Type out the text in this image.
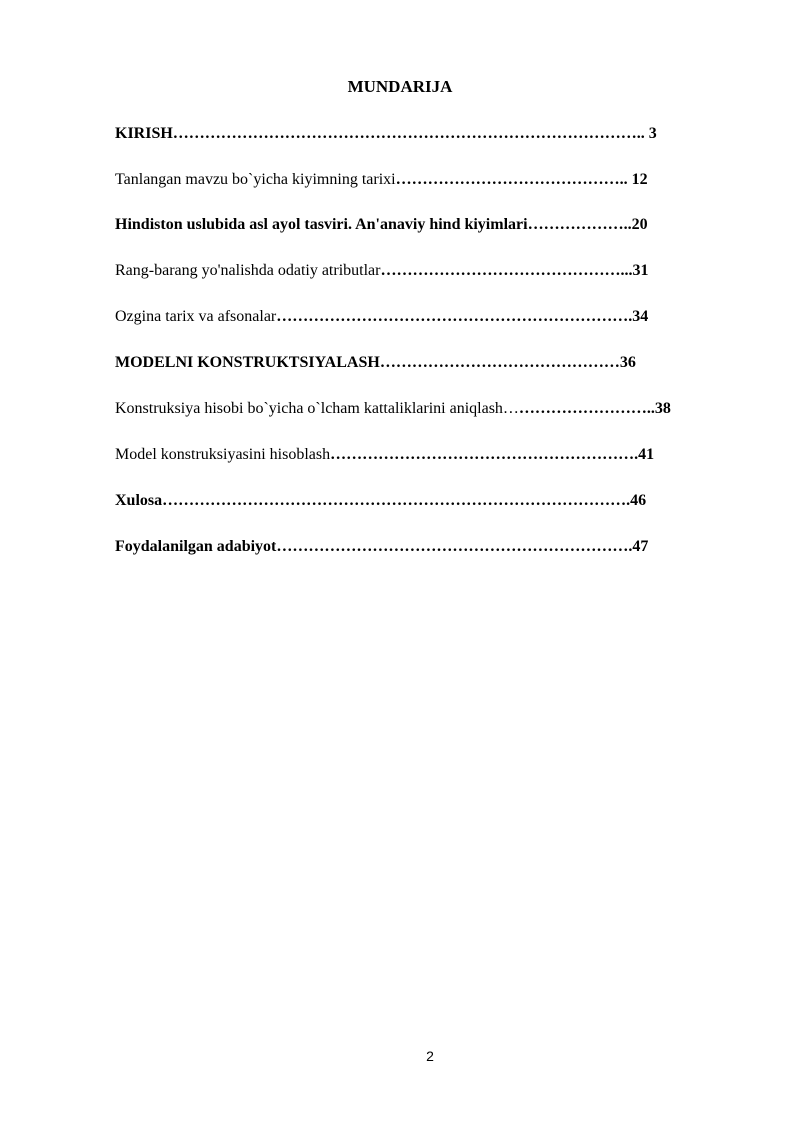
MUNDARIJA
KIRISH…………………………………………………………………………….. 3
Tanlangan mavzu bo`yicha kiyimning tarixi…………………………………….. 12
Hindiston uslubida asl ayol tasviri. An'anaviy hind kiyimlari………………..20
Rang-barang yo'nalishda odatiy atributlar………………………………………...31
Ozgina tarix va afsonalar………………………………………………………….34
MODELNI KONSTRUKTSIYALASH………………………………………36
Konstruksiya hisobi bo`yicha o`lcham kattaliklarini aniqlash………………………..38
Model konstruksiyasini hisoblash………………………………………………….41
Xulosa…………………………………………………………………………….46
Foydalanilgan adabiyot………………………………………………………….47
2
